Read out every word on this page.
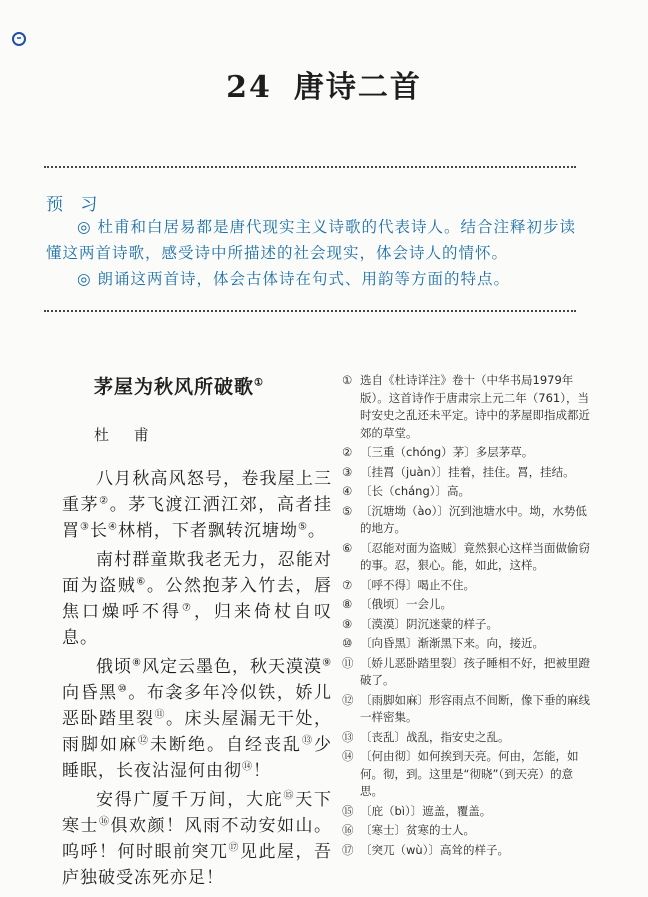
24 唐诗二首
预 习

◎ 杜甫和白居易都是唐代现实主义诗歌的代表诗人。结合注释初步读懂这两首诗歌，感受诗中所描述的社会现实，体会诗人的情怀。

◎ 朗诵这两首诗，体会古体诗在句式、用韵等方面的特点。

茅屋为秋风所破歌①
杜 甫

八月秋高风怒号，卷我屋上三重茅②。茅飞渡江洒江郊，高者挂罥③长④林梢，下者飘转沉塘坳⑤。

南村群童欺我老无力，忍能对面为盗贼⑥。公然抱茅入竹去，唇焦口燥呼不得⑦，归来倚杖自叹息。

俄顷⑧风定云墨色，秋天漠漠⑨向昏黑⑩。布衾多年冷似铁，娇儿恶卧踏里裂⑪。床头屋漏无干处，雨脚如麻⑫未断绝。自经丧乱⑬少睡眠，长夜沾湿何由彻⑭！

安得广厦千万间，大庇⑮天下寒士⑯俱欢颜！风雨不动安如山。呜呼！何时眼前突兀⑰见此屋，吾庐独破受冻死亦足！

① 选自《杜诗详注》卷十（中华书局1979年版）。这首诗作于唐肃宗上元二年（761），当时安史之乱还未平定。诗中的茅屋即指成都近郊的草堂。
② 〔三重（chóng）茅〕多层茅草。
③ 〔挂罥（juàn）〕挂着，挂住。罥，挂结。
④ 〔长（cháng）〕高。
⑤ 〔沉塘坳（ào）〕沉到池塘水中。坳，水势低的地方。
⑥ 〔忍能对面为盗贼〕竟然狠心这样当面做偷窃的事。忍，狠心。能，如此，这样。
⑦ 〔呼不得〕喝止不住。
⑧ 〔俄顷〕一会儿。
⑨ 〔漠漠〕阴沉迷蒙的样子。
⑩ 〔向昏黑〕渐渐黑下来。向，接近。
⑪ 〔娇儿恶卧踏里裂〕孩子睡相不好，把被里蹬破了。
⑫ 〔雨脚如麻〕形容雨点不间断，像下垂的麻线一样密集。
⑬ 〔丧乱〕战乱，指安史之乱。
⑭ 〔何由彻〕如何挨到天亮。何由，怎能，如何。彻，到。这里是“彻晓”（到天亮）的意思。
⑮ 〔庇（bì）〕遮盖，覆盖。
⑯ 〔寒士〕贫寒的士人。
⑰ 〔突兀（wù）〕高耸的样子。
